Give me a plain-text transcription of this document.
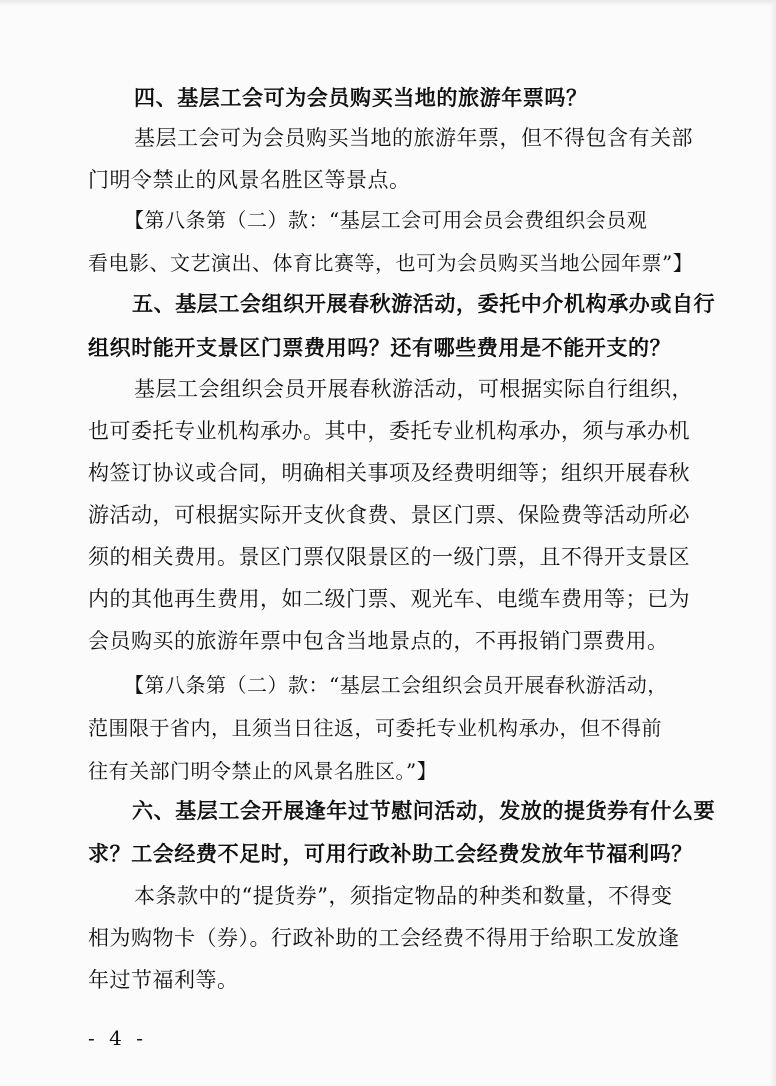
四、基层工会可为会员购买当地的旅游年票吗？

基层工会可为会员购买当地的旅游年票，但不得包含有关部

门明令禁止的风景名胜区等景点。

【第八条第（二）款：“基层工会可用会员会费组织会员观

看电影、文艺演出、体育比赛等，也可为会员购买当地公园年票”】

五、基层工会组织开展春秋游活动，委托中介机构承办或自行

组织时能开支景区门票费用吗？还有哪些费用是不能开支的？

基层工会组织会员开展春秋游活动，可根据实际自行组织，

也可委托专业机构承办。其中，委托专业机构承办，须与承办机

构签订协议或合同，明确相关事项及经费明细等；组织开展春秋

游活动，可根据实际开支伙食费、景区门票、保险费等活动所必

须的相关费用。景区门票仅限景区的一级门票，且不得开支景区

内的其他再生费用，如二级门票、观光车、电缆车费用等；已为

会员购买的旅游年票中包含当地景点的，不再报销门票费用。

【第八条第（二）款：“基层工会组织会员开展春秋游活动，

范围限于省内，且须当日往返，可委托专业机构承办，但不得前

往有关部门明令禁止的风景名胜区。”】

六、基层工会开展逢年过节慰问活动，发放的提货券有什么要

求？工会经费不足时，可用行政补助工会经费发放年节福利吗？

本条款中的“提货券”，须指定物品的种类和数量，不得变

相为购物卡（券）。行政补助的工会经费不得用于给职工发放逢

年过节福利等。

- 4 -
